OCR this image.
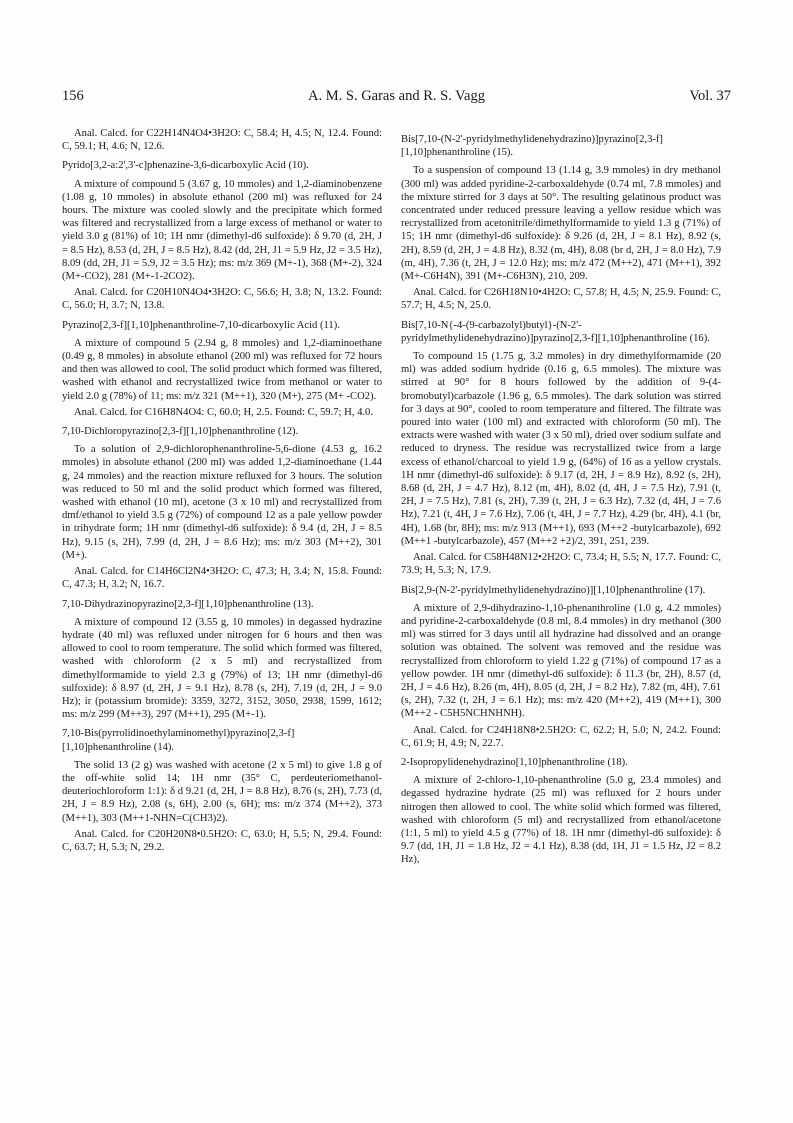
156	A. M. S. Garas and R. S. Vagg	Vol. 37
Anal. Calcd. for C22H14N4O4•3H2O: C, 58.4; H, 4.5; N, 12.4. Found: C, 59.1; H, 4.6; N, 12.6.
Pyrido[3,2-a:2',3'-c]phenazine-3,6-dicarboxylic Acid (10).
A mixture of compound 5 (3.67 g, 10 mmoles) and 1,2-diaminobenzene (1.08 g, 10 mmoles) in absolute ethanol (200 ml) was refluxed for 24 hours. The mixture was cooled slowly and the precipitate which formed was filtered and recrystallized from a large excess of methanol or water to yield 3.0 g (81%) of 10; 1H nmr (dimethyl-d6 sulfoxide): δ 9.70 (d, 2H, J = 8.5 Hz), 8.53 (d, 2H, J = 8.5 Hz), 8.42 (dd, 2H, J1 = 5.9 Hz, J2 = 3.5 Hz), 8.09 (dd, 2H, J1 = 5.9, J2 = 3.5 Hz); ms: m/z 369 (M+-1), 368 (M+-2), 324 (M+-CO2), 281 (M+-1-2CO2).
Anal. Calcd. for C20H10N4O4•3H2O: C, 56.6; H, 3.8; N, 13.2. Found: C, 56.0; H, 3.7; N, 13.8.
Pyrazino[2,3-f][1,10]phenanthroline-7,10-dicarboxylic Acid (11).
A mixture of compound 5 (2.94 g, 8 mmoles) and 1,2-diaminoethane (0.49 g, 8 mmoles) in absolute ethanol (200 ml) was refluxed for 72 hours and then was allowed to cool. The solid product which formed was filtered, washed with ethanol and recrystallized twice from methanol or water to yield 2.0 g (78%) of 11; ms: m/z 321 (M++1), 320 (M+), 275 (M+ -CO2).
Anal. Calcd. for C16H8N4O4: C, 60.0; H, 2.5. Found: C, 59.7; H, 4.0.
7,10-Dichloropyrazino[2,3-f][1,10]phenanthroline (12).
To a solution of 2,9-dichlorophenanthroline-5,6-dione (4.53 g, 16.2 mmoles) in absolute ethanol (200 ml) was added 1,2-diaminoethane (1.44 g, 24 mmoles) and the reaction mixture refluxed for 3 hours. The solution was reduced to 50 ml and the solid product which formed was filtered, washed with ethanol (10 ml), acetone (3 x 10 ml) and recrystallized from dmf/ethanol to yield 3.5 g (72%) of compound 12 as a pale yellow powder in trihydrate form; 1H nmr (dimethyl-d6 sulfoxide): δ 9.4 (d, 2H, J = 8.5 Hz), 9.15 (s, 2H), 7.99 (d, 2H, J = 8.6 Hz); ms: m/z 303 (M++2), 301 (M+).
Anal. Calcd. for C14H6Cl2N4•3H2O: C, 47.3; H, 3.4; N, 15.8. Found: C, 47.3; H, 3.2; N, 16.7.
7,10-Dihydrazinopyrazino[2,3-f][1,10]phenanthroline (13).
A mixture of compound 12 (3.55 g, 10 mmoles) in degassed hydrazine hydrate (40 ml) was refluxed under nitrogen for 6 hours and then was allowed to cool to room temperature. The solid which formed was filtered, washed with chloroform (2 x 5 ml) and recrystallized from dimethylformamide to yield 2.3 g (79%) of 13; 1H nmr (dimethyl-d6 sulfoxide): δ 8.97 (d, 2H, J = 9.1 Hz), 8.78 (s, 2H), 7.19 (d, 2H, J = 9.0 Hz); ir (potassium bromide): 3359, 3272, 3152, 3050, 2938, 1599, 1612; ms: m/z 299 (M++3), 297 (M++1), 295 (M+-1).
7,10-Bis(pyrrolidinoethylaminomethyl)pyrazino[2,3-f][1,10]phenanthroline (14).
The solid 13 (2 g) was washed with acetone (2 x 5 ml) to give 1.8 g of the off-white solid 14; 1H nmr (35° C, perdeuteriomethanol-deuteriochloroform 1:1): δ d 9.21 (d, 2H, J = 8.8 Hz), 8.76 (s, 2H), 7.73 (d, 2H, J = 8.9 Hz), 2.08 (s, 6H), 2.00 (s, 6H); ms: m/z 374 (M++2), 373 (M++1), 303 (M++1-NHN=C(CH3)2).
Anal. Calcd. for C20H20N8•0.5H2O: C, 63.0; H, 5.5; N, 29.4. Found: C, 63.7; H, 5.3; N, 29.2.
Bis[7,10-(N-2'-pyridylmethylidenehydrazino)]pyrazino[2,3-f][1,10]phenanthroline (15).
To a suspension of compound 13 (1.14 g, 3.9 mmoles) in dry methanol (300 ml) was added pyridine-2-carboxaldehyde (0.74 ml, 7.8 mmoles) and the mixture stirred for 3 days at 50°. The resulting gelatinous product was concentrated under reduced pressure leaving a yellow residue which was recrystallized from acetonitrile/dimethylformamide to yield 1.3 g (71%) of 15; 1H nmr (dimethyl-d6 sulfoxide): δ 9.26 (d, 2H, J = 8.1 Hz), 8.92 (s, 2H), 8.59 (d, 2H, J = 4.8 Hz), 8.32 (m, 4H), 8.08 (br d, 2H, J = 8.0 Hz), 7.9 (m, 4H), 7.36 (t, 2H, J = 12.0 Hz); ms: m/z 472 (M++2), 471 (M++1), 392 (M+-C6H4N), 391 (M+-C6H3N), 210, 209.
Anal. Calcd. for C26H18N10•4H2O: C, 57.8; H, 4.5; N, 25.9. Found: C, 57.7; H, 4.5; N, 25.0.
Bis[7,10-N{-4-(9-carbazolyl)butyl}-(N-2'-pyridylmethylidenehydrazino)]pyrazino[2,3-f][1,10]phenanthroline (16).
To compound 15 (1.75 g, 3.2 mmoles) in dry dimethylformamide (20 ml) was added sodium hydride (0.16 g, 6.5 mmoles). The mixture was stirred at 90° for 8 hours followed by the addition of 9-(4-bromobutyl)carbazole (1.96 g, 6.5 mmoles). The dark solution was stirred for 3 days at 90°, cooled to room temperature and filtered. The filtrate was poured into water (100 ml) and extracted with chloroform (50 ml). The extracts were washed with water (3 x 50 ml), dried over sodium sulfate and reduced to dryness. The residue was recrystallized twice from a large excess of ethanol/charcoal to yield 1.9 g, (64%) of 16 as a yellow crystals. 1H nmr (dimethyl-d6 sulfoxide): δ 9.17 (d, 2H, J = 8.9 Hz), 8.92 (s, 2H), 8.68 (d, 2H, J = 4.7 Hz), 8.12 (m, 4H), 8.02 (d, 4H, J = 7.5 Hz), 7.91 (t, 2H, J = 7.5 Hz), 7.81 (s, 2H), 7.39 (t, 2H, J = 6.3 Hz), 7.32 (d, 4H, J = 7.6 Hz), 7.21 (t, 4H, J = 7.6 Hz), 7.06 (t, 4H, J = 7.7 Hz), 4.29 (br, 4H), 4.1 (br, 4H), 1.68 (br, 8H); ms: m/z 913 (M++1), 693 (M++2 -butylcarbazole), 692 (M++1 -butylcarbazole), 457 (M++2 +2)/2, 391, 251, 239.
Anal. Calcd. for C58H48N12•2H2O: C, 73.4; H, 5.5; N, 17.7. Found: C, 73.9; H, 5.3; N, 17.9.
Bis[2,9-(N-2'-pyridylmethylidenehydrazino)][1,10]phenanthroline (17).
A mixture of 2,9-dihydrazino-1,10-phenanthroline (1.0 g, 4.2 mmoles) and pyridine-2-carboxaldehyde (0.8 ml, 8.4 mmoles) in dry methanol (300 ml) was stirred for 3 days until all hydrazine had dissolved and an orange solution was obtained. The solvent was removed and the residue was recrystallized from chloroform to yield 1.22 g (71%) of compound 17 as a yellow powder. 1H nmr (dimethyl-d6 sulfoxide): δ 11.3 (br, 2H), 8.57 (d, 2H, J = 4.6 Hz), 8.26 (m, 4H), 8.05 (d, 2H, J = 8.2 Hz), 7.82 (m, 4H), 7.61 (s, 2H), 7.32 (t, 2H, J = 6.1 Hz); ms: m/z 420 (M++2), 419 (M++1), 300 (M++2 - C5H5NCHNHNH).
Anal. Calcd. for C24H18N8•2.5H2O: C, 62.2; H, 5.0; N, 24.2. Found: C, 61.9; H, 4.9; N, 22.7.
2-Isopropylidenehydrazino[1,10]phenanthroline (18).
A mixture of 2-chloro-1,10-phenanthroline (5.0 g, 23.4 mmoles) and degassed hydrazine hydrate (25 ml) was refluxed for 2 hours under nitrogen then allowed to cool. The white solid which formed was filtered, washed with chloroform (5 ml) and recrystallized from ethanol/acetone (1:1, 5 ml) to yield 4.5 g (77%) of 18. 1H nmr (dimethyl-d6 sulfoxide): δ 9.7 (dd, 1H, J1 = 1.8 Hz, J2 = 4.1 Hz), 8.38 (dd, 1H, J1 = 1.5 Hz, J2 = 8.2 Hz),
